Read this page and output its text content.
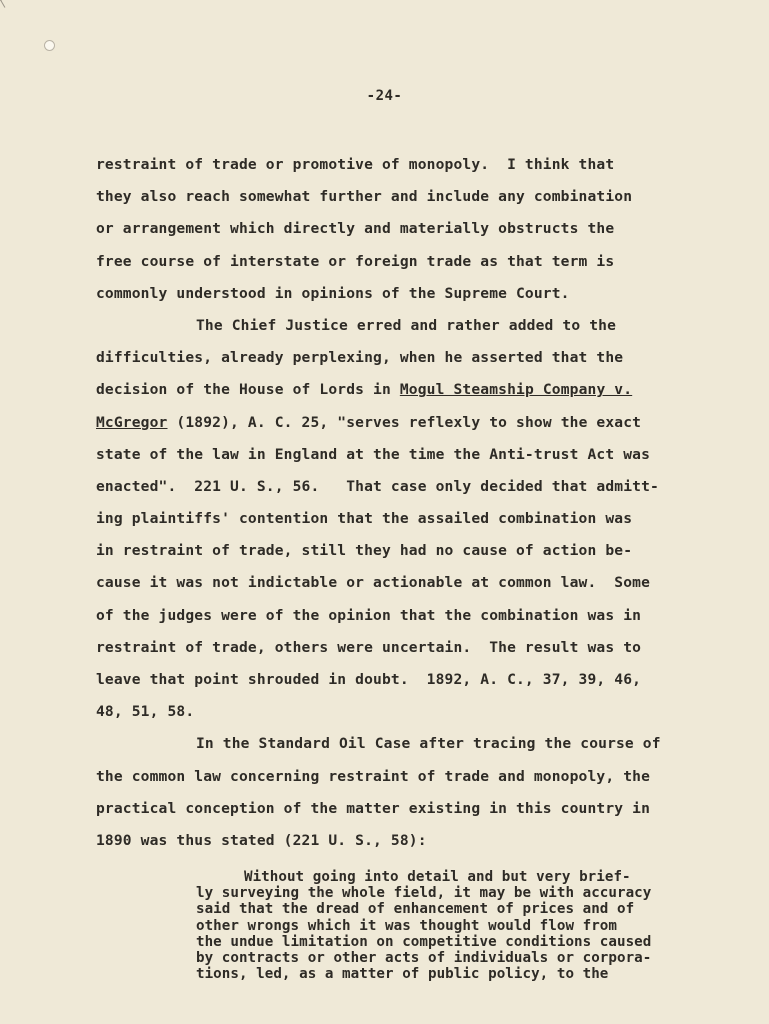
-24-
restraint of trade or promotive of monopoly.  I think that
they also reach somewhat further and include any combination
or arrangement which directly and materially obstructs the
free course of interstate or foreign trade as that term is
commonly understood in opinions of the Supreme Court.
The Chief Justice erred and rather added to the
difficulties, already perplexing, when he asserted that the
decision of the House of Lords in Mogul Steamship Company v.
McGregor (1892), A. C. 25, "serves reflexly to show the exact
state of the law in England at the time the Anti-trust Act was
enacted".  221 U. S., 56.   That case only decided that admitt-
ing plaintiffs' contention that the assailed combination was
in restraint of trade, still they had no cause of action be-
cause it was not indictable or actionable at common law.  Some
of the judges were of the opinion that the combination was in
restraint of trade, others were uncertain.  The result was to
leave that point shrouded in doubt.  1892, A. C., 37, 39, 46,
48, 51, 58.
In the Standard Oil Case after tracing the course of
the common law concerning restraint of trade and monopoly, the
practical conception of the matter existing in this country in
1890 was thus stated (221 U. S., 58):
Without going into detail and but very brief-
ly surveying the whole field, it may be with accuracy
said that the dread of enhancement of prices and of
other wrongs which it was thought would flow from
the undue limitation on competitive conditions caused
by contracts or other acts of individuals or corpora-
tions, led, as a matter of public policy, to the
